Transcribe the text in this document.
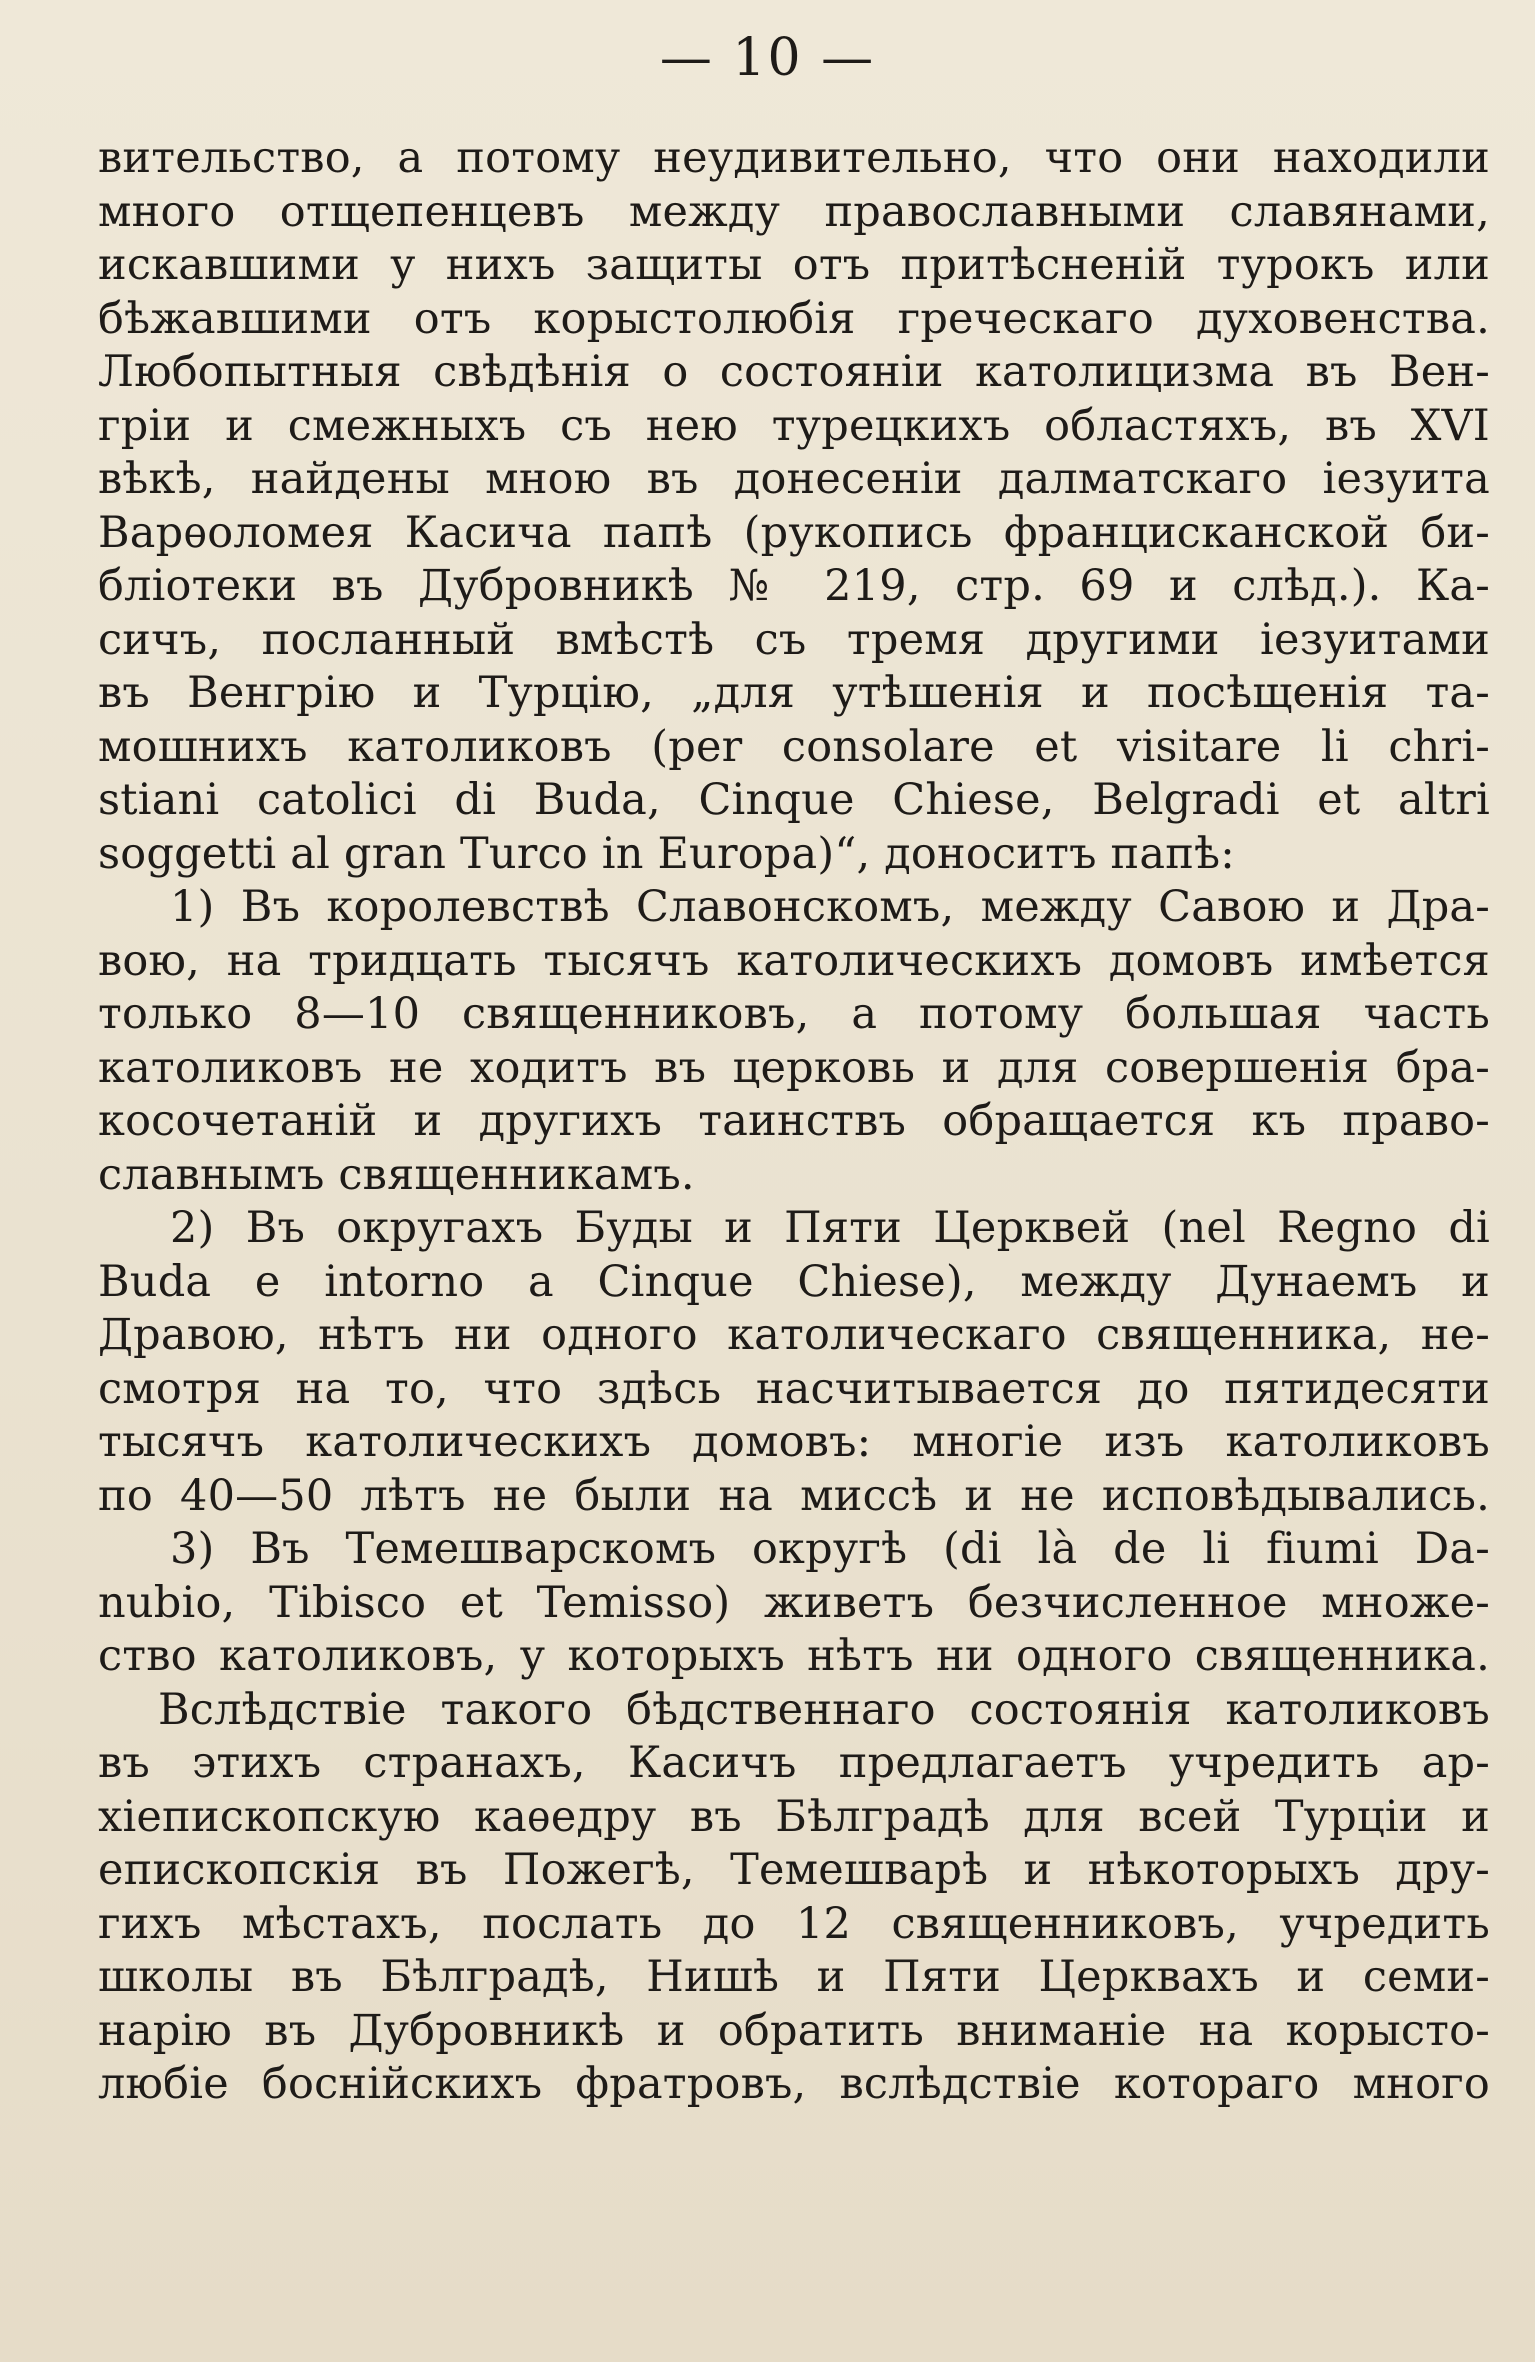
— 10 —
вительство, а потому неудивительно, что они находили
много отщепенцевъ между православными славянами,
искавшими у нихъ защиты отъ притѣсненій турокъ или
бѣжавшими отъ корыстолюбія греческаго духовенства.
Любопытныя свѣдѣнія о состояніи католицизма въ Вен-
гріи и смежныхъ съ нею турецкихъ областяхъ, въ XVI
вѣкѣ, найдены мною въ донесеніи далматскаго іезуита
Варѳоломея Касича папѣ (рукопись францисканской би-
бліотеки въ Дубровникѣ № 219, стр. 69 и слѣд.). Ка-
сичъ, посланный вмѣстѣ съ тремя другими іезуитами
въ Венгрію и Турцію, „для утѣшенія и посѣщенія та-
мошнихъ католиковъ (per consolare et visitare li chri-
stiani catolici di Buda, Cinque Chiese, Belgradi et altri
soggetti al gran Turco in Europa)“, доноситъ папѣ:
1) Въ королевствѣ Славонскомъ, между Савою и Дра-
вою, на тридцать тысячъ католическихъ домовъ имѣется
только 8—10 священниковъ, а потому большая часть
католиковъ не ходитъ въ церковь и для совершенія бра-
косочетаній и другихъ таинствъ обращается къ право-
славнымъ священникамъ.
2) Въ округахъ Буды и Пяти Церквей (nel Regno di
Buda e intorno a Cinque Chiese), между Дунаемъ и
Дравою, нѣтъ ни одного католическаго священника, не-
смотря на то, что здѣсь насчитывается до пятидесяти
тысячъ католическихъ домовъ: многіе изъ католиковъ
по 40—50 лѣтъ не были на миссѣ и не исповѣдывались.
3) Въ Темешварскомъ округѣ (di là de li fiumi Da-
nubio, Tibisco et Temisso) живетъ безчисленное множе-
ство католиковъ, у которыхъ нѣтъ ни одного священника.
Вслѣдствіе такого бѣдственнаго состоянія католиковъ
въ этихъ странахъ, Касичъ предлагаетъ учредить ар-
хіепископскую каѳедру въ Бѣлградѣ для всей Турціи и
епископскія въ Пожегѣ, Темешварѣ и нѣкоторыхъ дру-
гихъ мѣстахъ, послать до 12 священниковъ, учредить
школы въ Бѣлградѣ, Нишѣ и Пяти Церквахъ и семи-
нарію въ Дубровникѣ и обратить вниманіе на корысто-
любіе боснійскихъ фратровъ, вслѣдствіе котораго много
